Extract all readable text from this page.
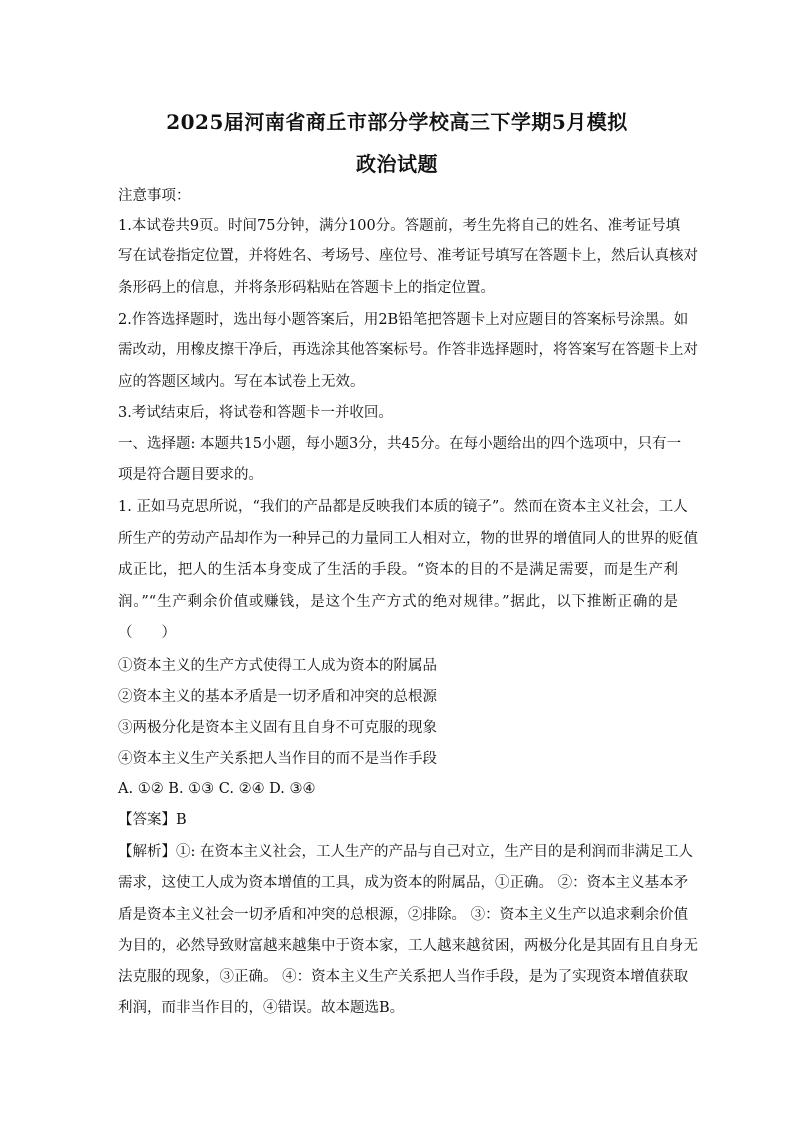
2025届河南省商丘市部分学校高三下学期5月模拟
政治试题
注意事项：
1.本试卷共9页。时间75分钟，满分100分。答题前，考生先将自己的姓名、准考证号填
写在试卷指定位置，并将姓名、考场号、座位号、准考证号填写在答题卡上，然后认真核对
条形码上的信息，并将条形码粘贴在答题卡上的指定位置。
2.作答选择题时，选出每小题答案后，用2B铅笔把答题卡上对应题目的答案标号涂黑。如
需改动，用橡皮擦干净后，再选涂其他答案标号。作答非选择题时，将答案写在答题卡上对
应的答题区域内。写在本试卷上无效。
3.考试结束后，将试卷和答题卡一并收回。
一、选择题: 本题共15小题，每小题3分，共45分。在每小题给出的四个选项中，只有一
项是符合题目要求的。
1. 正如马克思所说，“我们的产品都是反映我们本质的镜子”。然而在资本主义社会，工人
所生产的劳动产品却作为一种异己的力量同工人相对立，物的世界的增值同人的世界的贬值
成正比，把人的生活本身变成了生活的手段。“资本的目的不是满足需要，而是生产利
润。”“生产剩余价值或赚钱，是这个生产方式的绝对规律。”据此，以下推断正确的是
（　　）
①资本主义的生产方式使得工人成为资本的附属品
②资本主义的基本矛盾是一切矛盾和冲突的总根源
③两极分化是资本主义固有且自身不可克服的现象
④资本主义生产关系把人当作目的而不是当作手段
A. ①② B. ①③ C. ②④ D. ③④
【答案】B
【解析】①: 在资本主义社会，工人生产的产品与自己对立，生产目的是利润而非满足工人
需求，这使工人成为资本增值的工具，成为资本的附属品，①正确。 ②：资本主义基本矛
盾是资本主义社会一切矛盾和冲突的总根源，②排除。 ③：资本主义生产以追求剩余价值
为目的，必然导致财富越来越集中于资本家，工人越来越贫困，两极分化是其固有且自身无
法克服的现象，③正确。 ④：资本主义生产关系把人当作手段，是为了实现资本增值获取
利润，而非当作目的，④错误。故本题选B。
